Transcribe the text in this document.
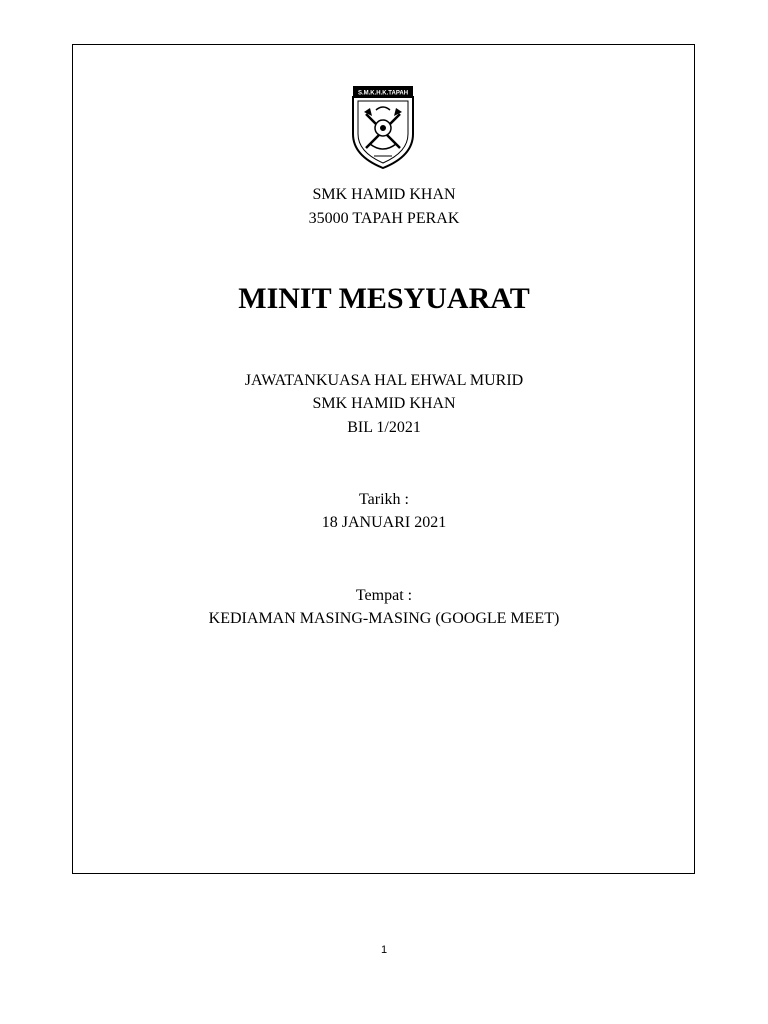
S.M.K.H.K.TAPAH
SMK HAMID KHAN
35000 TAPAH PERAK
MINIT MESYUARAT
JAWATANKUASA HAL EHWAL MURID
SMK HAMID KHAN
BIL 1/2021
Tarikh :
18 JANUARI 2021
Tempat :
KEDIAMAN MASING-MASING (GOOGLE MEET)
1
